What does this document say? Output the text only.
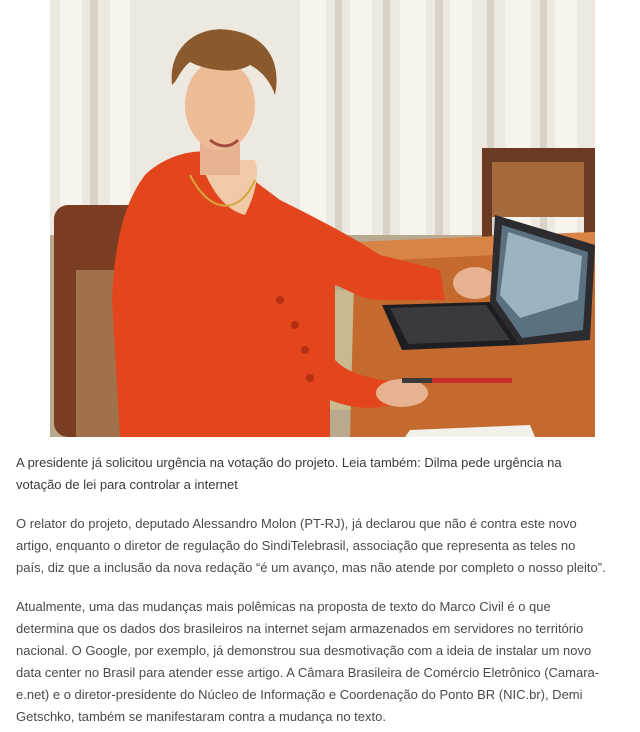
A presidente já solicitou urgência na votação do projeto. Leia também: Dilma pede urgência na
votação de lei para controlar a internet
O relator do projeto, deputado Alessandro Molon (PT-RJ), já declarou que não é contra este novo
artigo, enquanto o diretor de regulação do SindiTelebrasil, associação que representa as teles no
país, diz que a inclusão da nova redação “é um avanço, mas não atende por completo o nosso pleito”.
Atualmente, uma das mudanças mais polêmicas na proposta de texto do Marco Civil é o que
determina que os dados dos brasileiros na internet sejam armazenados em servidores no território
nacional. O Google, por exemplo, já demonstrou sua desmotivação com a ideia de instalar um novo
data center no Brasil para atender esse artigo. A Câmara Brasileira de Comércio Eletrônico (Camara-
e.net) e o diretor-presidente do Núcleo de Informação e Coordenação do Ponto BR (NIC.br), Demi
Getschko, também se manifestaram contra a mudança no texto.
